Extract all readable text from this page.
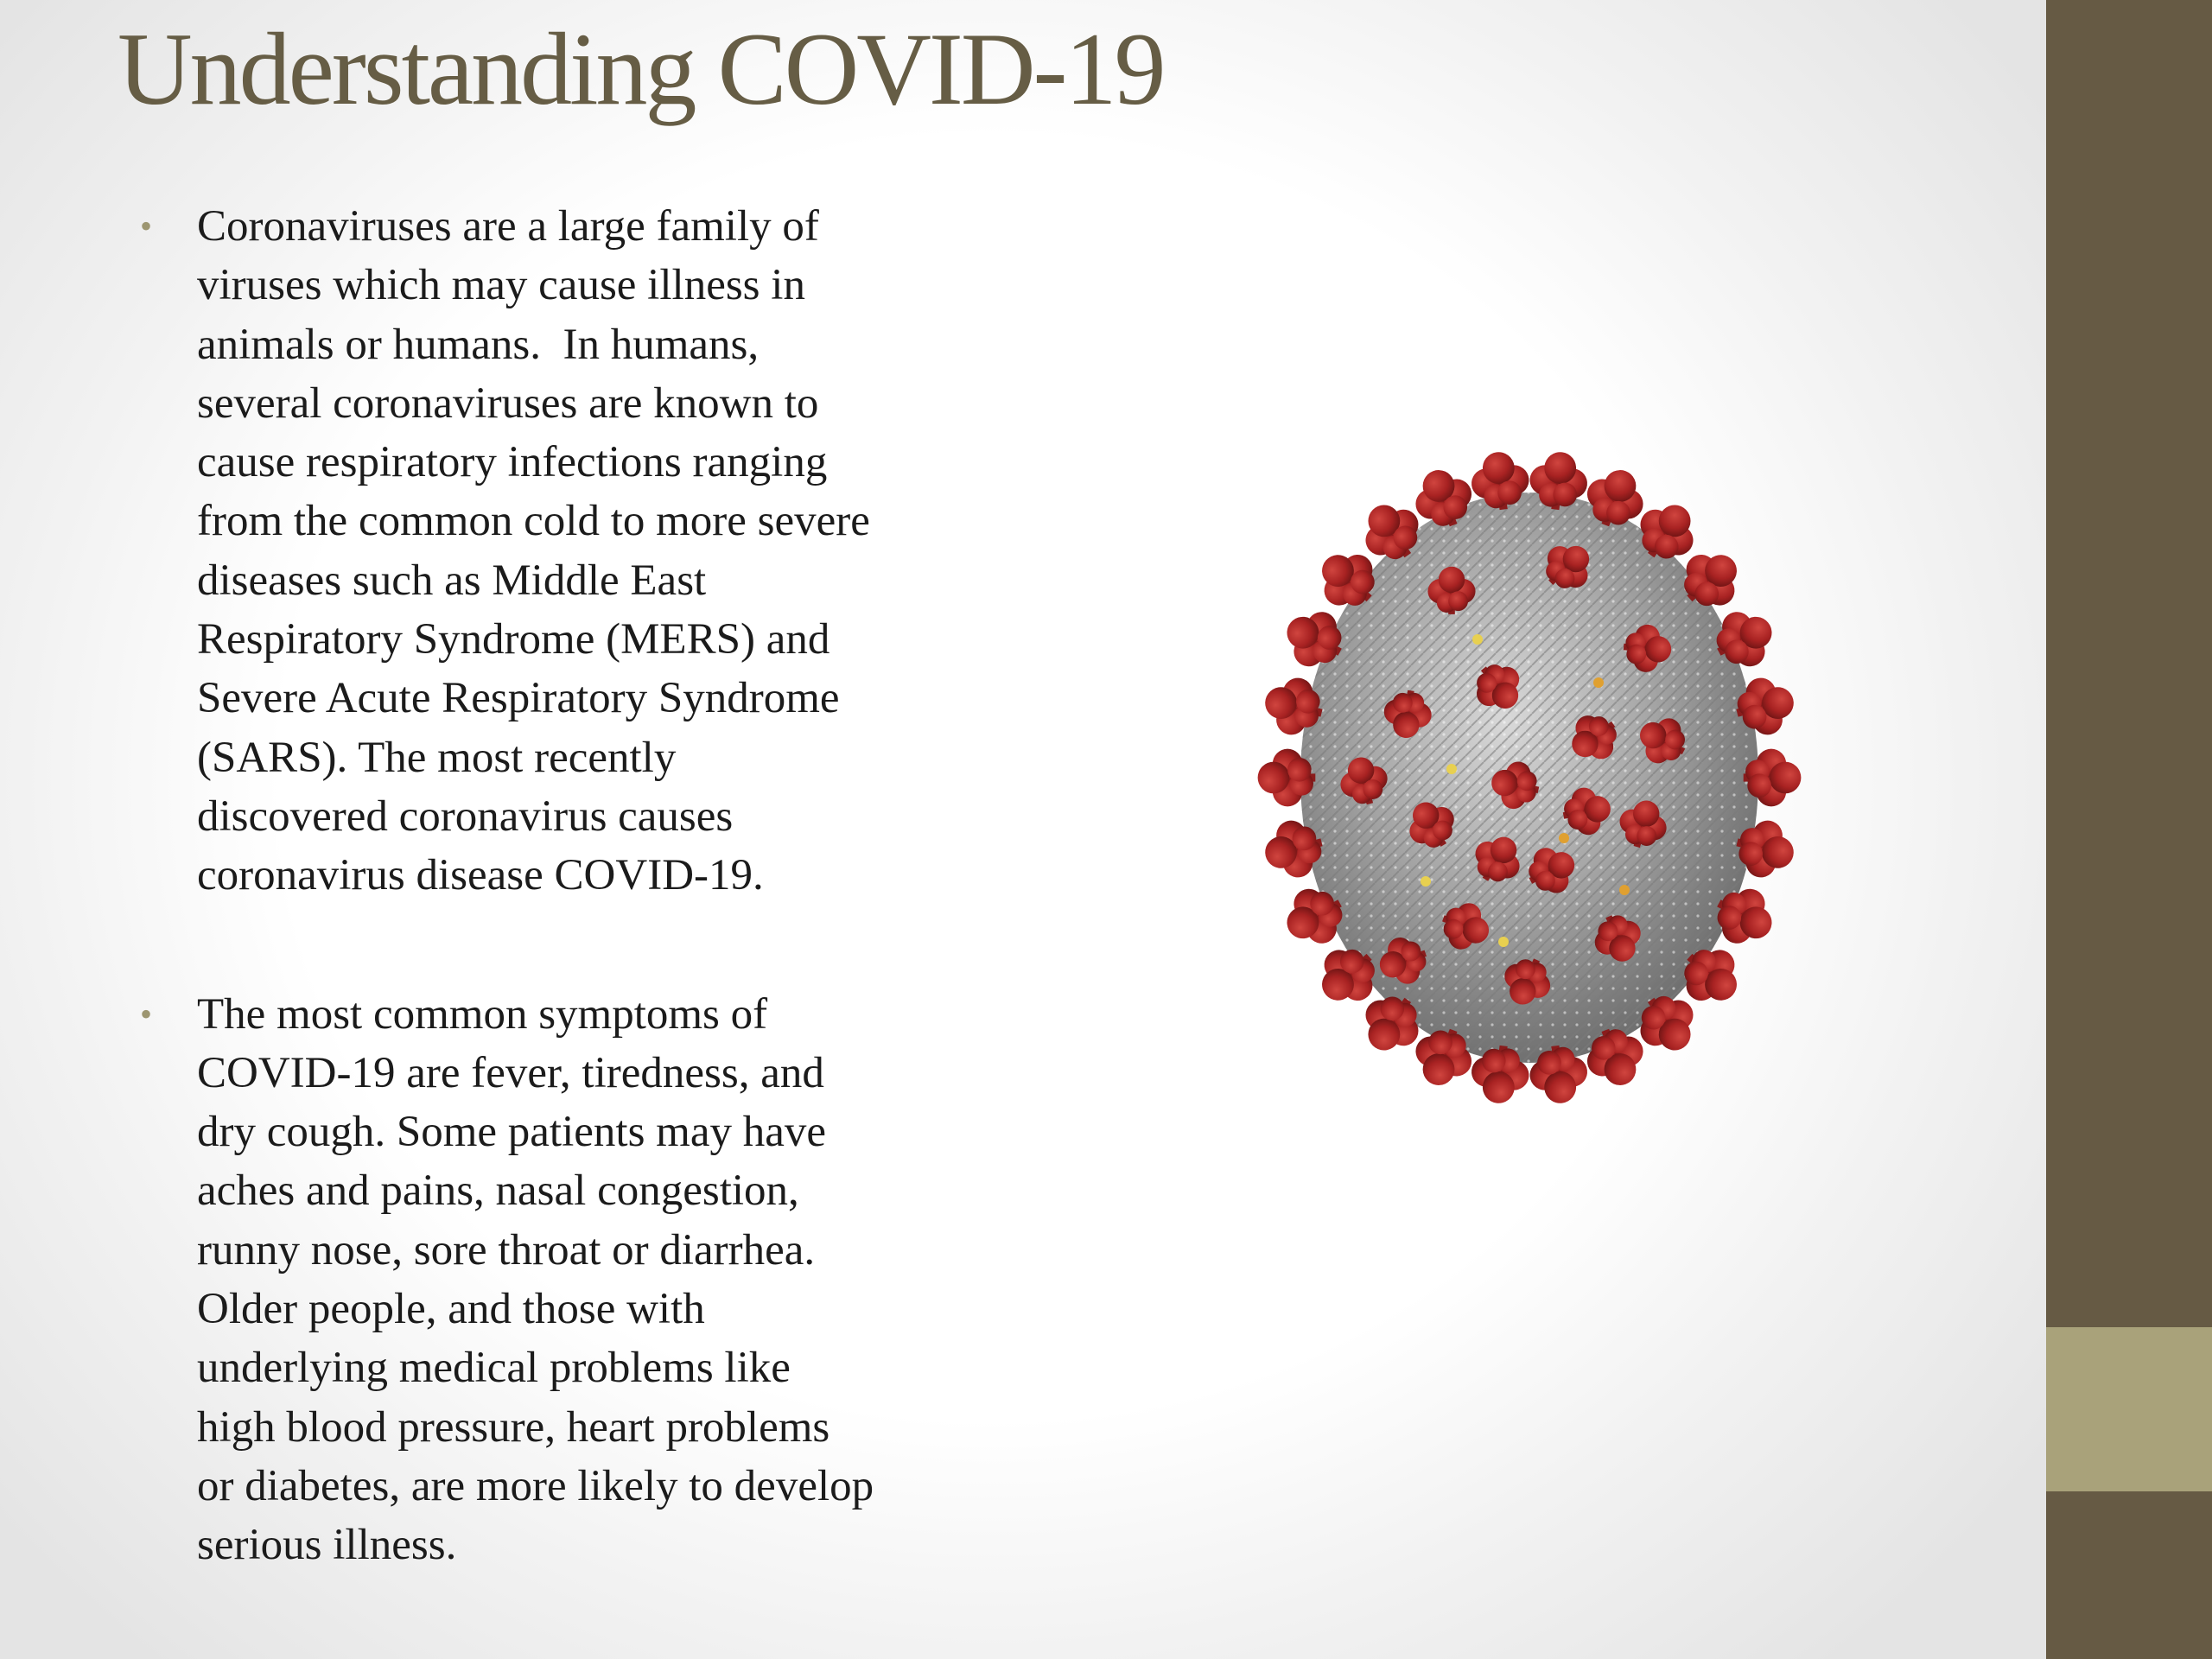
Understanding COVID-19
• Coronaviruses are a large family of
viruses which may cause illness in
animals or humans.  In humans,
several coronaviruses are known to
cause respiratory infections ranging
from the common cold to more severe
diseases such as Middle East
Respiratory Syndrome (MERS) and
Severe Acute Respiratory Syndrome
(SARS). The most recently
discovered coronavirus causes
coronavirus disease COVID-19.
• The most common symptoms of
COVID-19 are fever, tiredness, and
dry cough. Some patients may have
aches and pains, nasal congestion,
runny nose, sore throat or diarrhea.
Older people, and those with
underlying medical problems like
high blood pressure, heart problems
or diabetes, are more likely to develop
serious illness.
